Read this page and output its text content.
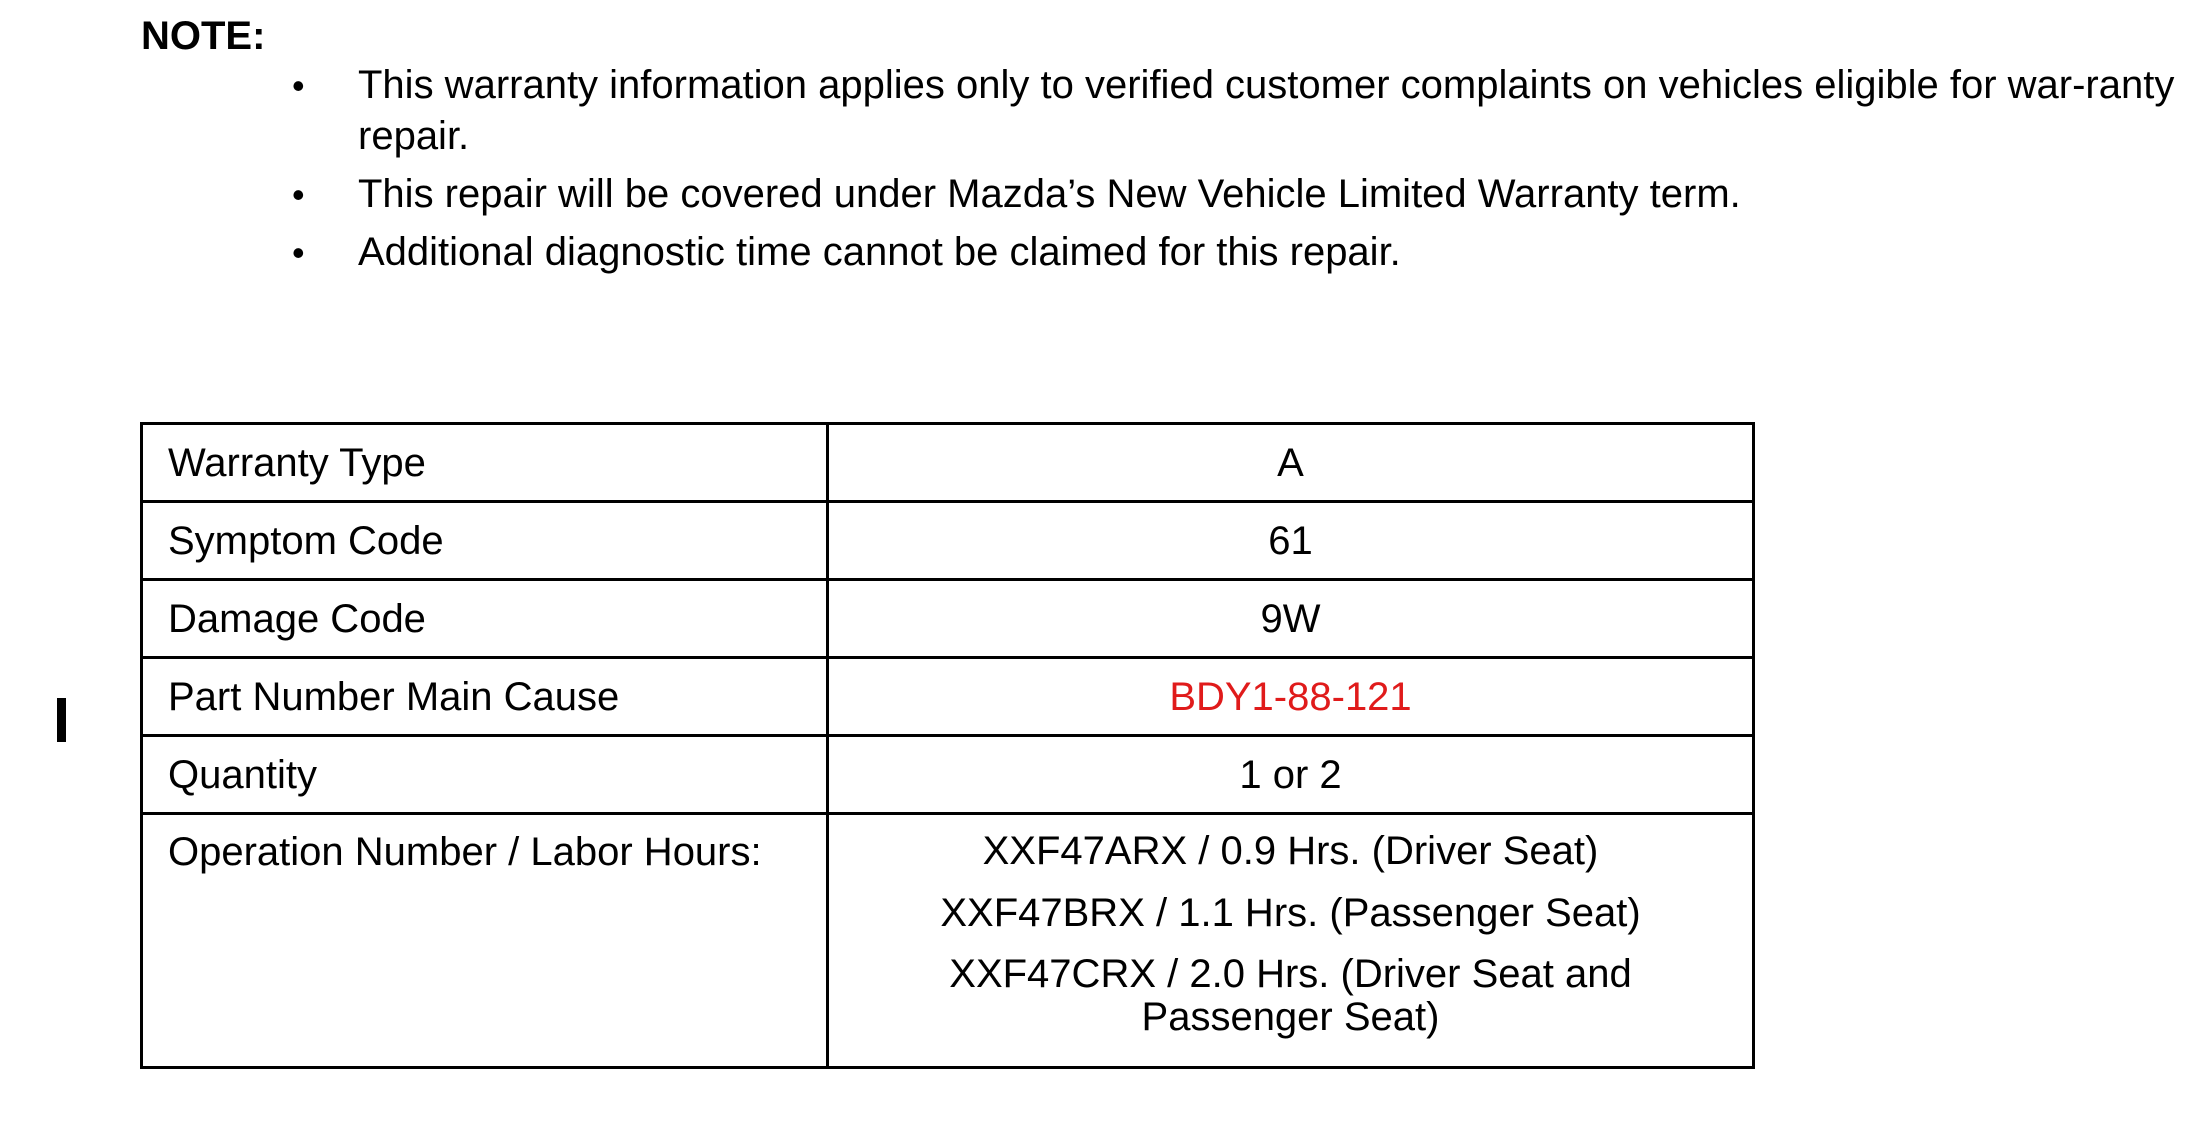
NOTE:
• This warranty information applies only to verified customer complaints on vehicles eligible for war-ranty repair.
• This repair will be covered under Mazda’s New Vehicle Limited Warranty term.
• Additional diagnostic time cannot be claimed for this repair.
Warranty Type	A
Symptom Code	61
Damage Code	9W
Part Number Main Cause	BDY1-88-121
Quantity	1 or 2
Operation Number / Labor Hours:	XXF47ARX / 0.9 Hrs. (Driver Seat)
XXF47BRX / 1.1 Hrs. (Passenger Seat)
XXF47CRX / 2.0 Hrs. (Driver Seat and Passenger Seat)
